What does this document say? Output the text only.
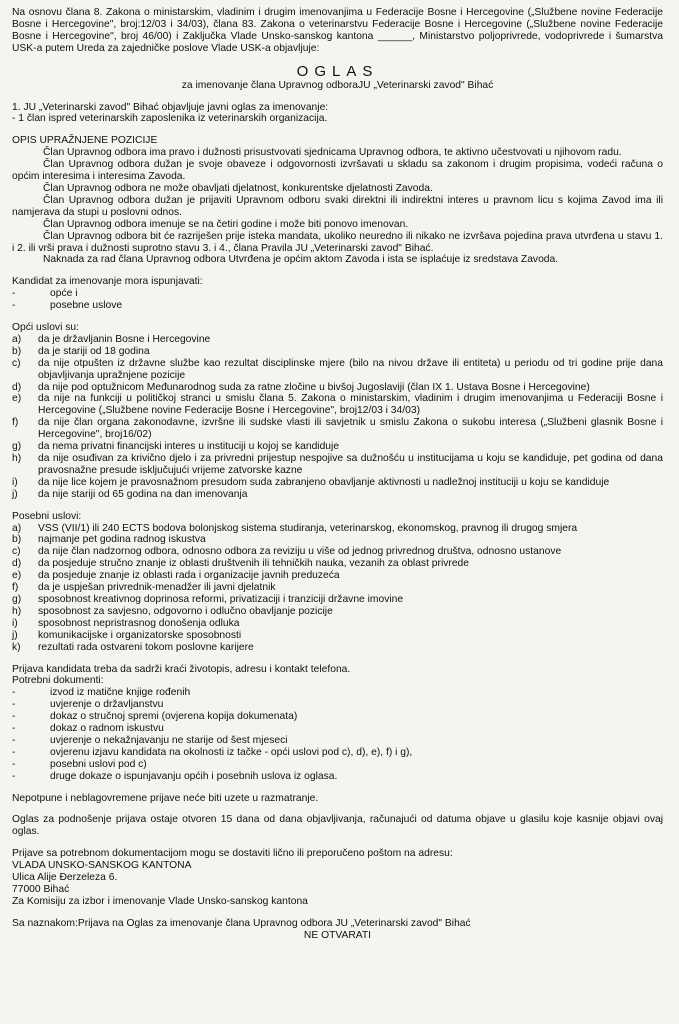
Na osnovu člana 8. Zakona o ministarskim, vladinim i drugim imenovanjima u Federacije Bosne i Hercegovine („Službene novine Federacije Bosne i Hercegovine", broj:12/03 i 34/03), člana 83. Zakona o veterinarstvu Federacije Bosne i Hercegovine („Službene novine Federacije Bosne i Hercegovine", broj 46/00) i Zaključka Vlade Unsko-sanskog kantona ______, Ministarstvo poljoprivrede, vodoprivrede i šumarstva USK-a putem Ureda za zajedničke poslove Vlade USK-a objavljuje:

OGLAS

za imenovanje člana Upravnog odboraJU „Veterinarski zavod" Bihać

1. JU „Veterinarski zavod" Bihać objavljuje javni oglas za imenovanje:

- 1 član ispred veterinarskih zaposlenika iz veterinarskih organizacija.

OPIS UPRAŽNJENE POZICIJE

Član Upravnog odbora ima pravo i dužnosti prisustvovati sjednicama Upravnog odbora, te aktivno učestvovati u njihovom radu.

Član Upravnog odbora dužan je svoje obaveze i odgovornosti izvršavati u skladu sa zakonom i drugim propisima, vodeći računa o općim interesima i interesima Zavoda.

Član Upravnog odbora ne može obavljati djelatnost, konkurentske djelatnosti Zavoda.

Član Upravnog odbora dužan je prijaviti Upravnom odboru svaki direktni ili indirektni interes u pravnom licu s kojima Zavod ima ili namjerava da stupi u poslovni odnos.

Član Upravnog odbora imenuje se na četiri godine i može biti ponovo imenovan.

Član Upravnog odbora bit će razriješen prije isteka mandata, ukoliko neuredno ili nikako ne izvršava pojedina prava utvrđena u stavu 1. i 2. ili vrši prava i dužnosti suprotno stavu 3. i 4., člana Pravila JU „Veterinarski zavod" Bihać.

Naknada za rad člana Upravnog odbora Utvrđena je općim aktom Zavoda i ista se isplaćuje iz sredstava Zavoda.

Kandidat za imenovanje mora ispunjavati:

-	opće i
-	posebne uslove

Opći uslovi su:

a)	da je državljanin Bosne i Hercegovine
b)	da je stariji od 18 godina
c)	da nije otpušten iz državne službe kao rezultat disciplinske mjere (bilo na nivou države ili entiteta) u periodu od tri godine prije dana objavljivanja upražnjene pozicije
d)	da nije pod optužnicom Međunarodnog suda za ratne zločine u bivšoj Jugoslaviji (član IX 1. Ustava Bosne i Hercegovine)
e)	da nije na funkciji u političkoj stranci u smislu člana 5. Zakona o ministarskim, vladinim i drugim imenovanjima u Federaciji Bosne i Hercegovine („Službene novine Federacije Bosne i Hercegovine", broj12/03 i 34/03)
f)	da nije član organa zakonodavne, izvršne ili sudske vlasti ili savjetnik u smislu Zakona o sukobu interesa („Službeni glasnik Bosne i Hercegovine", broj16/02)
g)	da nema privatni financijski interes u instituciji u kojoj se kandiduje
h)	da nije osuđivan za krivično djelo i za privredni prijestup nespojive sa dužnošću u institucijama u koju se kandiduje, pet godina od dana pravosnažne presude isključujući vrijeme zatvorske kazne
i)	da nije lice kojem je pravosnažnom presudom suda zabranjeno obavljanje aktivnosti u nadležnoj instituciji u koju se kandiduje
j)	da nije stariji od 65 godina na dan imenovanja

Posebni uslovi:

a)	VSS (VII/1) ili 240 ECTS bodova bolonjskog sistema studiranja, veterinarskog, ekonomskog, pravnog ili drugog smjera
b)	najmanje pet godina radnog iskustva
c)	da nije član nadzornog odbora, odnosno odbora za reviziju u više od jednog privrednog društva, odnosno ustanove
d)	da posjeduje stručno znanje iz oblasti društvenih ili tehničkih nauka, vezanih za oblast privrede
e)	da posjeduje znanje iz oblasti rada i organizacije javnih preduzeća
f)	da je uspješan privrednik-menadžer ili javni djelatnik
g)	sposobnost kreativnog doprinosa reformi, privatizaciji i tranziciji državne imovine
h)	sposobnost za savjesno, odgovorno i odlučno obavljanje pozicije
i)	sposobnost nepristrasnog donošenja odluka
j)	komunikacijske i organizatorske sposobnosti
k)	rezultati rada ostvareni tokom poslovne karijere

Prijava kandidata treba da sadrži kraći životopis, adresu i kontakt telefona.

Potrebni dokumenti:

-	izvod iz matične knjige rođenih
-	uvjerenje o državljanstvu
-	dokaz o stručnoj spremi (ovjerena kopija dokumenata)
-	dokaz o radnom iskustvu
-	uvjerenje o nekažnjavanju ne starije od šest mjeseci
-	ovjerenu izjavu kandidata na okolnosti iz tačke - opći uslovi pod c), d), e), f) i g),
-	posebni uslovi pod c)
-	druge dokaze o ispunjavanju općih i posebnih uslova iz oglasa.

Nepotpune i neblagovremene prijave neće biti uzete u razmatranje.

Oglas za podnošenje prijava ostaje otvoren 15 dana od dana objavljivanja, računajući od datuma objave u glasilu koje kasnije objavi ovaj oglas.

Prijave sa potrebnom dokumentacijom mogu se dostaviti lično ili preporučeno poštom na adresu:

VLADA UNSKO-SANSKOG KANTONA

Ulica Alije Đerzeleza 6.

77000 Bihać

Za Komisiju za izbor i imenovanje Vlade Unsko-sanskog kantona

Sa naznakom:Prijava na Oglas za imenovanje člana Upravnog odbora JU „Veterinarski zavod" Bihać

NE OTVARATI
